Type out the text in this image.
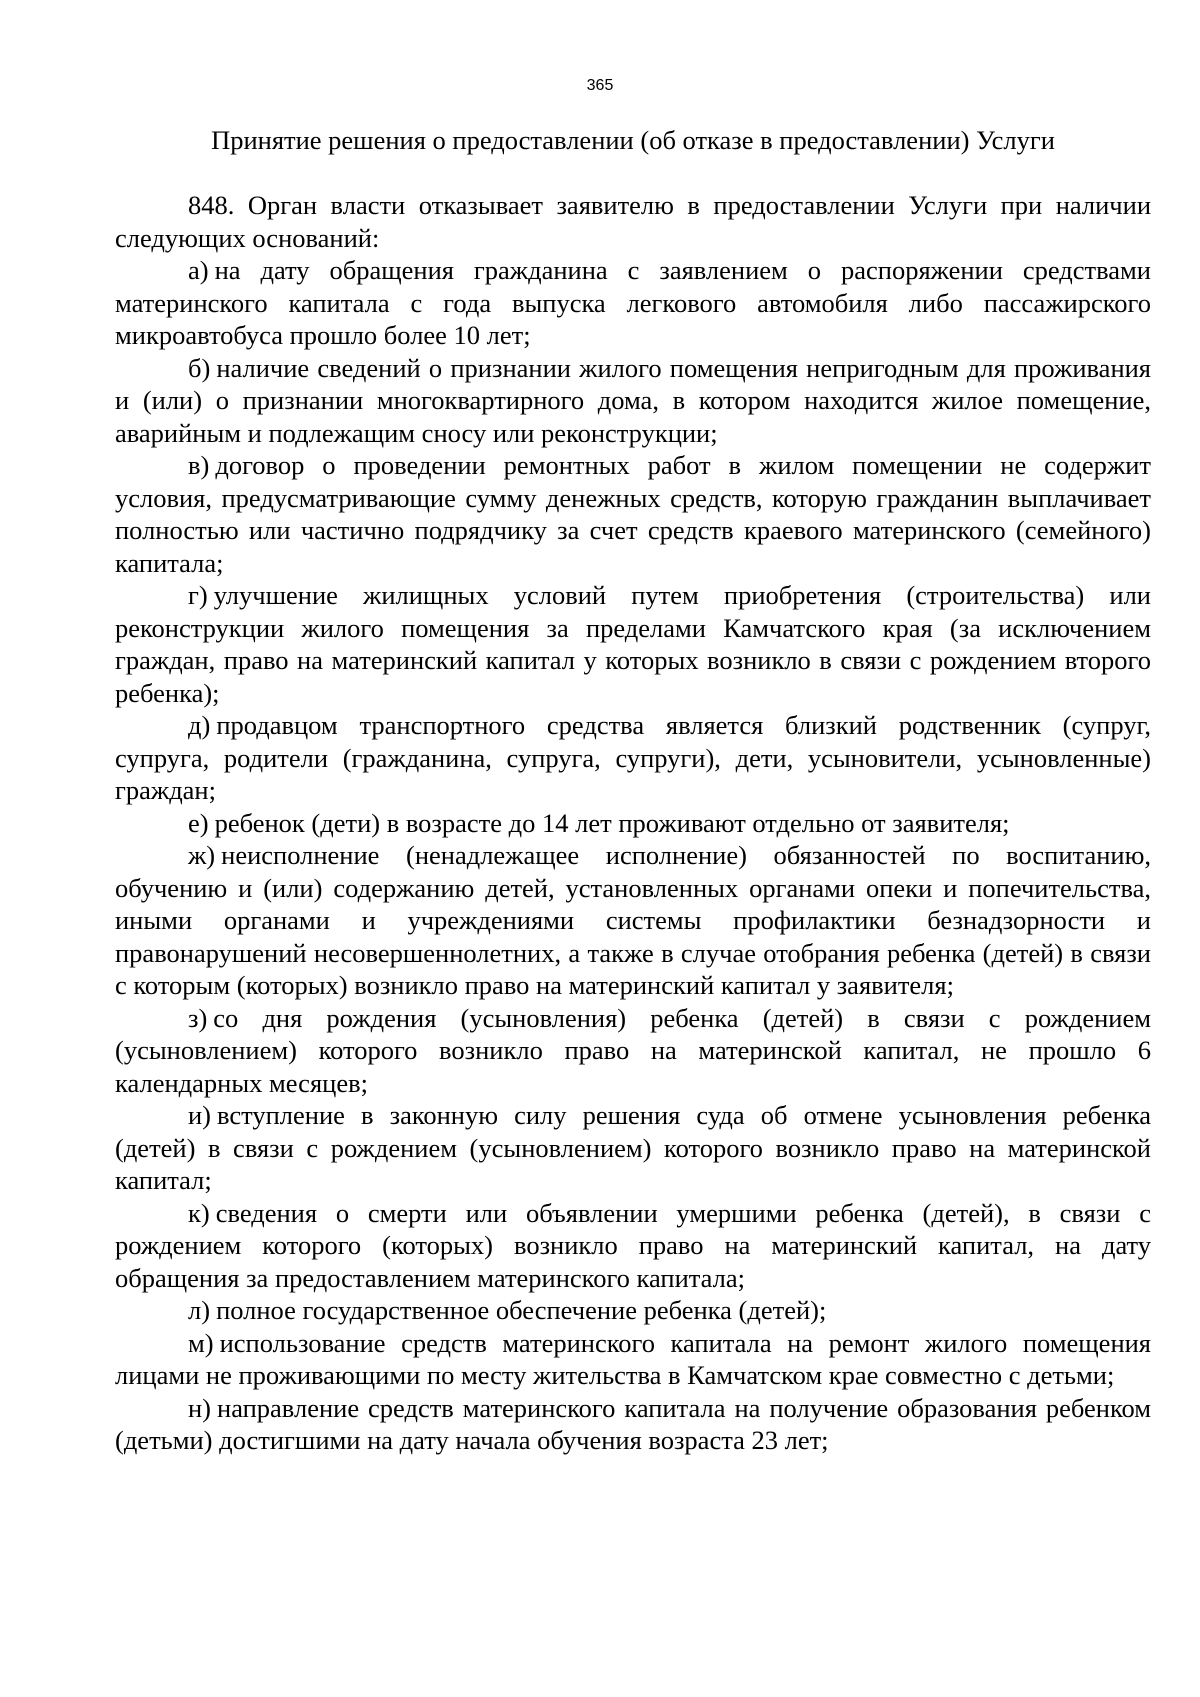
365
Принятие решения о предоставлении (об отказе в предоставлении) Услуги

848. Орган власти отказывает заявителю в предоставлении Услуги при наличии следующих оснований:

а) на дату обращения гражданина с заявлением о распоряжении средствами материнского капитала с года выпуска легкового автомобиля либо пассажирского микроавтобуса прошло более 10 лет;

б) наличие сведений о признании жилого помещения непригодным для проживания и (или) о признании многоквартирного дома, в котором находится жилое помещение, аварийным и подлежащим сносу или реконструкции;

в) договор о проведении ремонтных работ в жилом помещении не содержит условия, предусматривающие сумму денежных средств, которую гражданин выплачивает полностью или частично подрядчику за счет средств краевого материнского (семейного) капитала;

г) улучшение жилищных условий путем приобретения (строительства) или реконструкции жилого помещения за пределами Камчатского края (за исключением граждан, право на материнский капитал у которых возникло в связи с рождением второго ребенка);

д) продавцом транспортного средства является близкий родственник (супруг, супруга, родители (гражданина, супруга, супруги), дети, усыновители, усыновленные) граждан;

е) ребенок (дети) в возрасте до 14 лет проживают отдельно от заявителя;

ж) неисполнение (ненадлежащее исполнение) обязанностей по воспитанию, обучению и (или) содержанию детей, установленных органами опеки и попечительства, иными органами и учреждениями системы профилактики безнадзорности и правонарушений несовершеннолетних, а также в случае отобрания ребенка (детей) в связи с которым (которых) возникло право на материнский капитал у заявителя;

з) со дня рождения (усыновления) ребенка (детей) в связи с рождением (усыновлением) которого возникло право на материнской капитал, не прошло 6 календарных месяцев;

и) вступление в законную силу решения суда об отмене усыновления ребенка (детей) в связи с рождением (усыновлением) которого возникло право на материнской капитал;

к) сведения о смерти или объявлении умершими ребенка (детей), в связи с рождением которого (которых) возникло право на материнский капитал, на дату обращения за предоставлением материнского капитала;

л) полное государственное обеспечение ребенка (детей);

м) использование средств материнского капитала на ремонт жилого помещения лицами не проживающими по месту жительства в Камчатском крае совместно с детьми;

н) направление средств материнского капитала на получение образования ребенком (детьми) достигшими на дату начала обучения возраста 23 лет;
